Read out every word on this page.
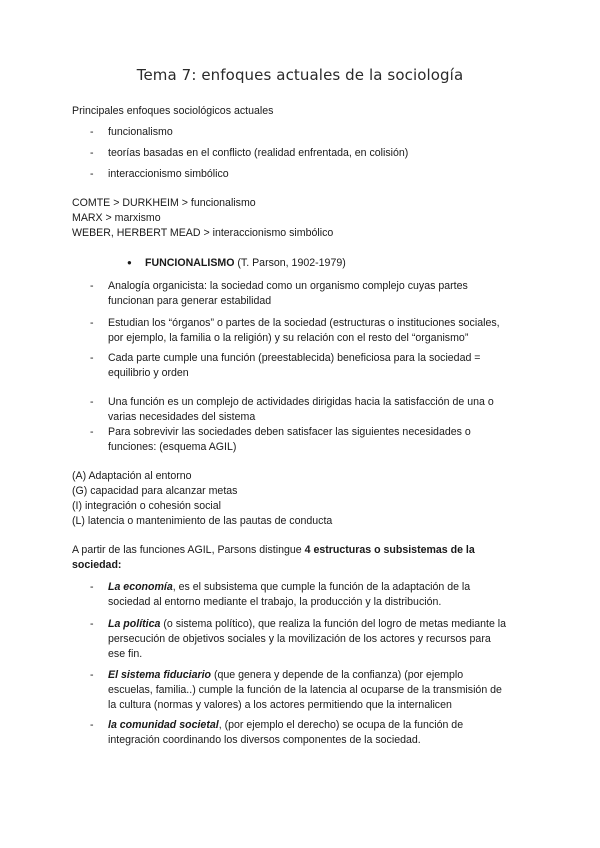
Tema 7: enfoques actuales de la sociología
Principales enfoques sociológicos actuales
- funcionalismo
- teorías basadas en el conflicto (realidad enfrentada, en colisión)
- interaccionismo simbólico
COMTE > DURKHEIM > funcionalismo
MARX > marxismo
WEBER, HERBERT MEAD > interaccionismo simbólico
● FUNCIONALISMO (T. Parson, 1902-1979)
- Analogía organicista: la sociedad como un organismo complejo cuyas partes
funcionan para generar estabilidad
- Estudian los “órganos” o partes de la sociedad (estructuras o instituciones sociales,
por ejemplo, la familia o la religión) y su relación con el resto del “organismo”
- Cada parte cumple una función (preestablecida) beneficiosa para la sociedad =
equilibrio y orden
- Una función es un complejo de actividades dirigidas hacia la satisfacción de una o
varias necesidades del sistema
- Para sobrevivir las sociedades deben satisfacer las siguientes necesidades o
funciones: (esquema AGIL)
(A) Adaptación al entorno
(G) capacidad para alcanzar metas
(I) integración o cohesión social
(L) latencia o mantenimiento de las pautas de conducta
A partir de las funciones AGIL, Parsons distingue 4 estructuras o subsistemas de la
sociedad:
- La economía, es el subsistema que cumple la función de la adaptación de la
sociedad al entorno mediante el trabajo, la producción y la distribución.
- La política (o sistema político), que realiza la función del logro de metas mediante la
persecución de objetivos sociales y la movilización de los actores y recursos para
ese fin.
- El sistema fiduciario (que genera y depende de la confianza) (por ejemplo
escuelas, familia..) cumple la función de la latencia al ocuparse de la transmisión de
la cultura (normas y valores) a los actores permitiendo que la internalicen
- la comunidad societal, (por ejemplo el derecho) se ocupa de la función de
integración coordinando los diversos componentes de la sociedad.
